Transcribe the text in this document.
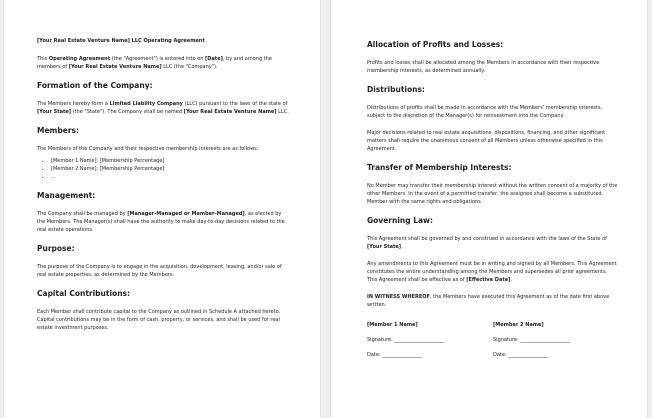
[Your Real Estate Venture Name] LLC Operating Agreement

This Operating Agreement (the "Agreement") is entered into on [Date], by and among the members of [Your Real Estate Venture Name] LLC (the "Company").

Formation of the Company:

The Members hereby form a Limited Liability Company (LLC) pursuant to the laws of the state of [Your State] (the "State"). The Company shall be named [Your Real Estate Venture Name] LLC.

Members:

The Members of the Company and their respective membership interests are as follows:

• [Member 1 Name]: [Membership Percentage]
• [Member 2 Name]: [Membership Percentage]
• ...
Management:

The Company shall be managed by [Manager-Managed or Member-Managed], as elected by the Members. The Manager(s) shall have the authority to make day-to-day decisions related to the real estate operations.

Purpose:

The purpose of the Company is to engage in the acquisition, development, leasing, and/or sale of real estate properties, as determined by the Members.

Capital Contributions:

Each Member shall contribute capital to the Company as outlined in Schedule A attached hereto. Capital contributions may be in the form of cash, property, or services, and shall be used for real estate investment purposes.

Allocation of Profits and Losses:

Profits and losses shall be allocated among the Members in accordance with their respective membership interests, as determined annually.

Distributions:

Distributions of profits shall be made in accordance with the Members' membership interests, subject to the discretion of the Manager(s) for reinvestment into the Company.

Major decisions related to real estate acquisitions, dispositions, financing, and other significant matters shall require the unanimous consent of all Members unless otherwise specified in this Agreement.

Transfer of Membership Interests:

No Member may transfer their membership interest without the written consent of a majority of the other Members. In the event of a permitted transfer, the assignee shall become a substituted Member with the same rights and obligations.

Governing Law:

This Agreement shall be governed by and construed in accordance with the laws of the State of [Your State].

Any amendments to this Agreement must be in writing and signed by all Members. This Agreement constitutes the entire understanding among the Members and supersedes all prior agreements. This Agreement shall be effective as of [Effective Date].

IN WITNESS WHEREOF, the Members have executed this Agreement as of the date first above written.

[Member 1 Name]

Signature: ____________________

Date: ________________

[Member 2 Name]

Signature: ____________________

Date: ________________
